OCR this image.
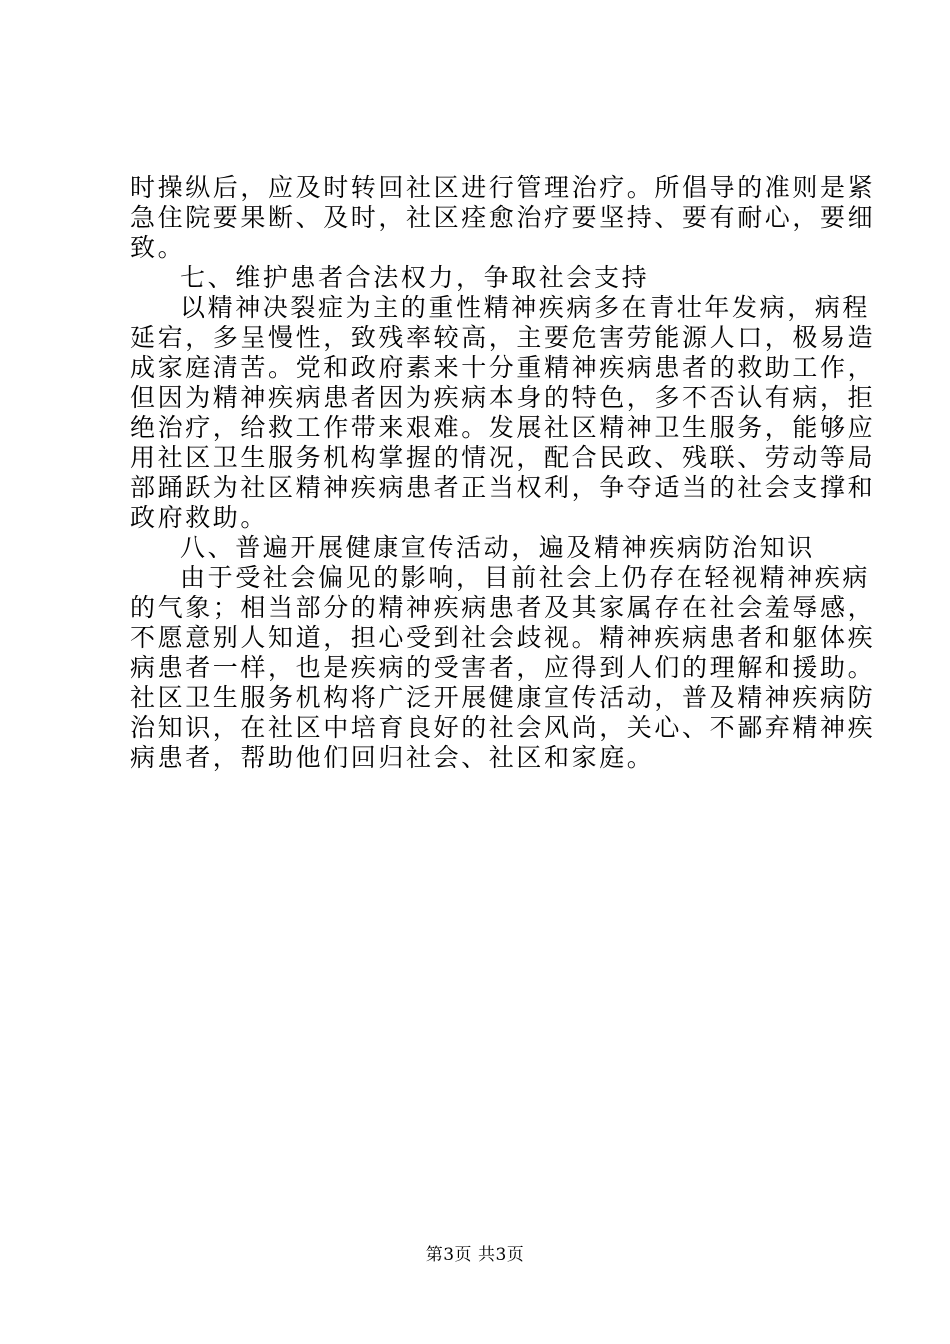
时操纵后，应及时转回社区进行管理治疗。所倡导的准则是紧
急住院要果断、及时，社区痊愈治疗要坚持、要有耐心，要细
致。
七、维护患者合法权力，争取社会支持
以精神决裂症为主的重性精神疾病多在青壮年发病，病程
延宕，多呈慢性，致残率较高，主要危害劳能源人口，极易造
成家庭清苦。党和政府素来十分重精神疾病患者的救助工作，
但因为精神疾病患者因为疾病本身的特色，多不否认有病，拒
绝治疗，给救工作带来艰难。发展社区精神卫生服务，能够应
用社区卫生服务机构掌握的情况，配合民政、残联、劳动等局
部踊跃为社区精神疾病患者正当权利，争夺适当的社会支撑和
政府救助。
八、普遍开展健康宣传活动，遍及精神疾病防治知识
由于受社会偏见的影响，目前社会上仍存在轻视精神疾病
的气象；相当部分的精神疾病患者及其家属存在社会羞辱感，
不愿意别人知道，担心受到社会歧视。精神疾病患者和躯体疾
病患者一样，也是疾病的受害者，应得到人们的理解和援助。
社区卫生服务机构将广泛开展健康宣传活动，普及精神疾病防
治知识，在社区中培育良好的社会风尚，关心、不鄙弃精神疾
病患者，帮助他们回归社会、社区和家庭。
第3页 共3页
